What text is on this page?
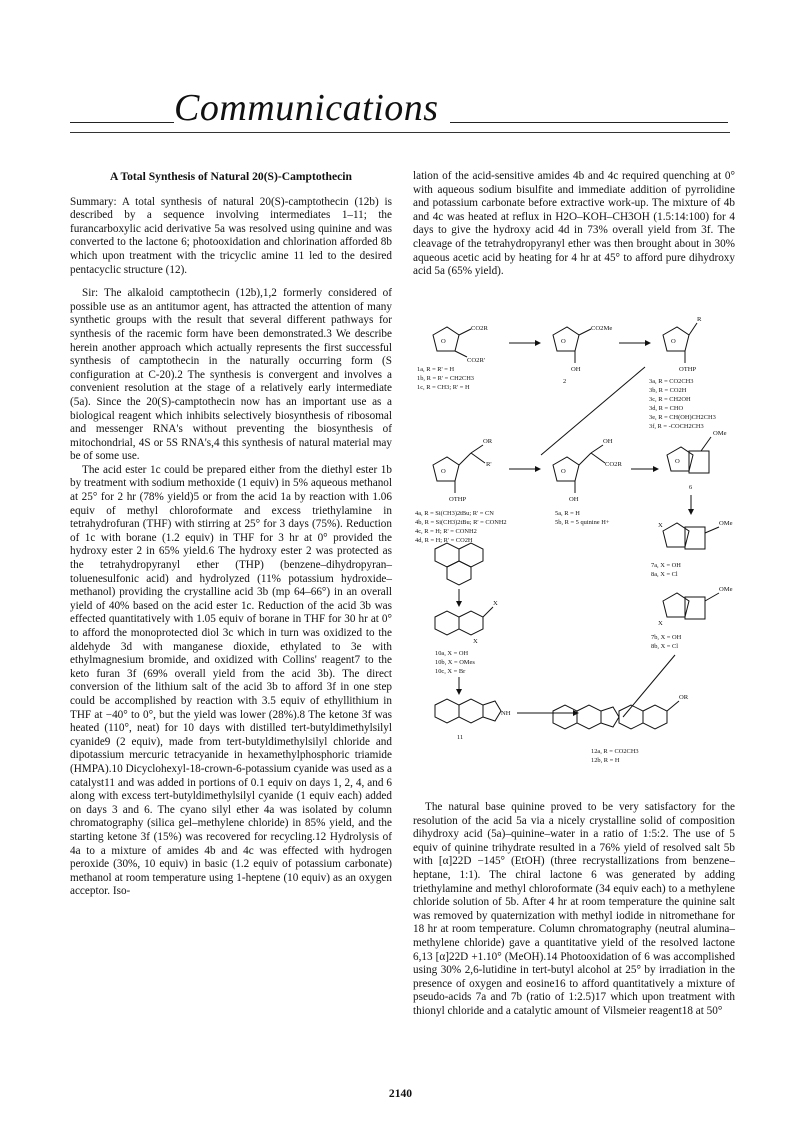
Communications

A Total Synthesis of Natural 20(S)-Camptothecin

Summary: A total synthesis of natural 20(S)-camptothecin (12b) is described by a sequence involving intermediates 1–11; the furancarboxylic acid derivative 5a was resolved using quinine and was converted to the lactone 6; photooxidation and chlorination afforded 8b which upon treatment with the tricyclic amine 11 led to the desired pentacyclic structure (12).

Sir: The alkaloid camptothecin (12b),1,2 formerly considered of possible use as an antitumor agent, has attracted the attention of many synthetic groups with the result that several different pathways for synthesis of the racemic form have been demonstrated.3 We describe herein another approach which actually represents the first successful synthesis of camptothecin in the naturally occurring form (S configuration at C-20).2 The synthesis is convergent and involves a convenient resolution at the stage of a relatively early intermediate (5a). Since the 20(S)-camptothecin now has an important use as a biological reagent which inhibits selectively biosynthesis of ribosomal and messenger RNA's without preventing the biosynthesis of mitochondrial, 4S or 5S RNA's,4 this synthesis of natural material may be of some use.

The acid ester 1c could be prepared either from the diethyl ester 1b by treatment with sodium methoxide (1 equiv) in 5% aqueous methanol at 25° for 2 hr (78% yield)5 or from the acid 1a by reaction with 1.06 equiv of methyl chloroformate and excess triethylamine in tetrahydrofuran (THF) with stirring at 25° for 3 days (75%). Reduction of 1c with borane (1.2 equiv) in THF for 3 hr at 0° provided the hydroxy ester 2 in 65% yield.6 The hydroxy ester 2 was protected as the tetrahydropyranyl ether (THP) (benzene–dihydropyran–toluenesulfonic acid) and hydrolyzed (11% potassium hydroxide–methanol) providing the crystalline acid 3b (mp 64–66°) in an overall yield of 40% based on the acid ester 1c. Reduction of the acid 3b was effected quantitatively with 1.05 equiv of borane in THF for 30 hr at 0° to afford the monoprotected diol 3c which in turn was oxidized to the aldehyde 3d with manganese dioxide, ethylated to 3e with ethylmagnesium bromide, and oxidized with Collins' reagent7 to the keto furan 3f (69% overall yield from the acid 3b). The direct conversion of the lithium salt of the acid 3b to afford 3f in one step could be accomplished by reaction with 3.5 equiv of ethyllithium in THF at −40° to 0°, but the yield was lower (28%).8 The ketone 3f was heated (110°, neat) for 10 days with distilled tert-butyldimethylsilyl cyanide9 (2 equiv), made from tert-butyldimethylsilyl chloride and dipotassium mercuric tetracyanide in hexamethylphosphoric triamide (HMPA).10 Dicyclohexyl-18-crown-6-potassium cyanide was used as a catalyst11 and was added in portions of 0.1 equiv on days 1, 2, 4, and 6 along with excess tert-butyldimethylsilyl cyanide (1 equiv each) added on days 3 and 6. The cyano silyl ether 4a was isolated by column chromatography (silica gel–methylene chloride) in 85% yield, and the starting ketone 3f (15%) was recovered for recycling.12 Hydrolysis of 4a to a mixture of amides 4b and 4c was effected with hydrogen peroxide (30%, 10 equiv) in basic (1.2 equiv of potassium carbonate) methanol at room temperature using 1-heptene (10 equiv) as an oxygen acceptor. Iso-

lation of the acid-sensitive amides 4b and 4c required quenching at 0° with aqueous sodium bisulfite and immediate addition of pyrrolidine and potassium carbonate before extractive work-up. The mixture of 4b and 4c was heated at reflux in H2O–KOH–CH3OH (1.5:14:100) for 4 days to give the hydroxy acid 4d in 73% overall yield from 3f. The cleavage of the tetrahydropyranyl ether was then brought about in 30% aqueous acetic acid by heating for 4 hr at 45° to afford pure dihydroxy acid 5a (65% yield).

O
CO2R
CO2R'
1a, R = R' = H
1b, R = R' = CH2CH3
1c, R = CH3; R' = H
O
CO2Me
OH
2
O
R
OTHP
3a, R = CO2CH3
3b, R = CO2H
3c, R = CH2OH
3d, R = CHO
3e, R = CH(OH)CH2CH3
3f, R = -COCH2CH3
O
OR
R'
OTHP
4a, R = Si(CH3)2tBu; R' = CN
4b, R = Si(CH3)2tBu; R' = CONH2
4c, R = H; R' = CONH2
4d, R = H; R' = CO2H
O
OH
CO2R
OH
5a, R = H
5b, R = 5 quinine H+
O
OMe
6
X	OMe
7a, X = OH
8a, X = Cl
X
OMe
7b, X = OH
8b, X = Cl
X
X
10a, X = OH
10b, X = OMes
10c, X = Br
NH
11
OR
12a, R = CO2CH3
12b, R = H

The natural base quinine proved to be very satisfactory for the resolution of the acid 5a via a nicely crystalline solid of composition dihydroxy acid (5a)–quinine–water in a ratio of 1:5:2. The use of 5 equiv of quinine trihydrate resulted in a 76% yield of resolved salt 5b with [α]22D −145° (EtOH) (three recrystallizations from benzene–heptane, 1:1). The chiral lactone 6 was generated by adding triethylamine and methyl chloroformate (34 equiv each) to a methylene chloride solution of 5b. After 4 hr at room temperature the quinine salt was removed by quaternization with methyl iodide in nitromethane for 18 hr at room temperature. Column chromatography (neutral alumina–methylene chloride) gave a quantitative yield of the resolved lactone 6,13 [α]22D +1.10° (MeOH).14 Photooxidation of 6 was accomplished using 30% 2,6-lutidine in tert-butyl alcohol at 25° by irradiation in the presence of oxygen and eosine16 to afford quantitatively a mixture of pseudo-acids 7a and 7b (ratio of 1:2.5)17 which upon treatment with thionyl chloride and a catalytic amount of Vilsmeier reagent18 at 50°

2140
